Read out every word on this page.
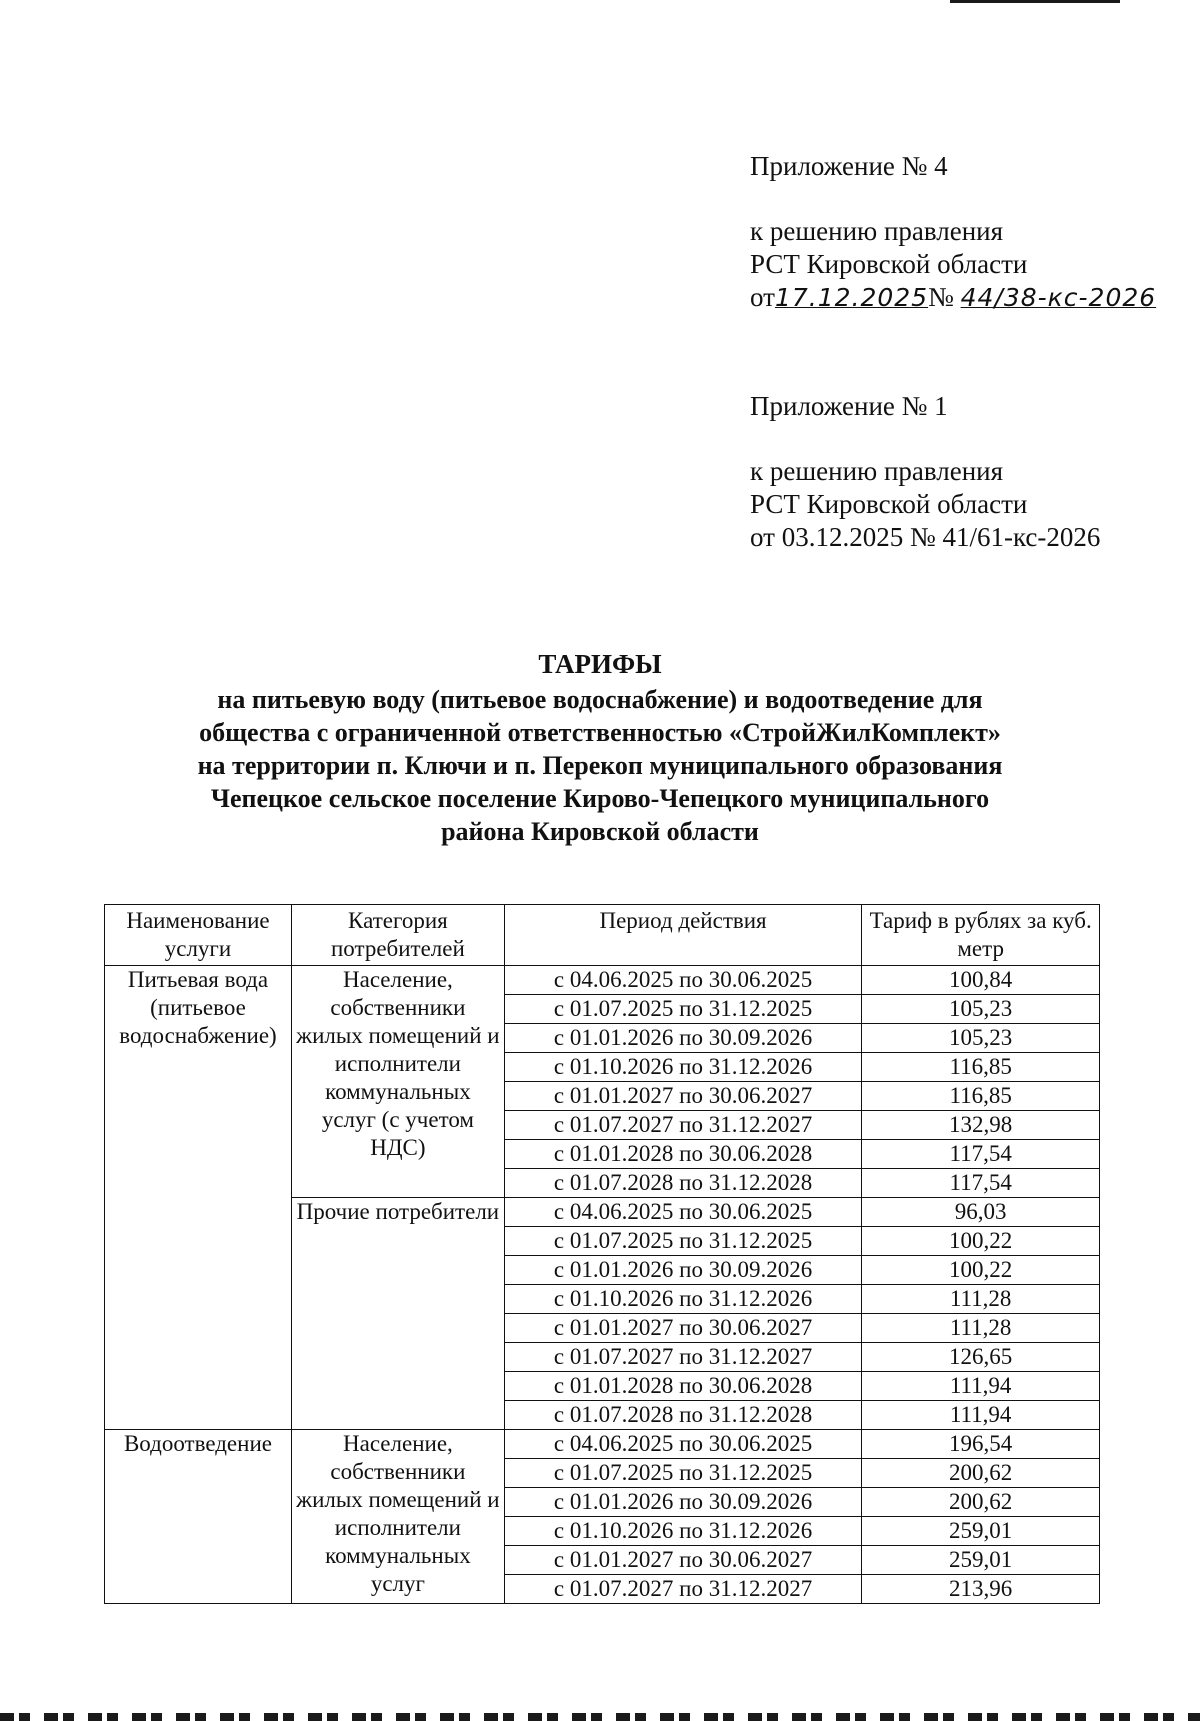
Приложение № 4
к решению правления
РСТ Кировской области
от17.12.2025№ 44/38-кс-2026
Приложение № 1
к решению правления
РСТ Кировской области
от 03.12.2025 № 41/61-кс-2026
ТАРИФЫ
на питьевую воду (питьевое водоснабжение) и водоотведение для
общества с ограниченной ответственностью «СтройЖилКомплект»
на территории п. Ключи и п. Перекоп муниципального образования
Чепецкое сельское поселение Кирово-Чепецкого муниципального
района Кировской области
Наименование услуги	Категория потребителей	Период действия	Тариф в рублях за куб. метр
Питьевая вода (питьевое водоснабжение)	Население, собственники жилых помещений и исполнители коммунальных услуг (с учетом НДС)	с 04.06.2025 по 30.06.2025	100,84
		с 01.07.2025 по 31.12.2025	105,23
		с 01.01.2026 по 30.09.2026	105,23
		с 01.10.2026 по 31.12.2026	116,85
		с 01.01.2027 по 30.06.2027	116,85
		с 01.07.2027 по 31.12.2027	132,98
		с 01.01.2028 по 30.06.2028	117,54
		с 01.07.2028 по 31.12.2028	117,54
	Прочие потребители	с 04.06.2025 по 30.06.2025	96,03
		с 01.07.2025 по 31.12.2025	100,22
		с 01.01.2026 по 30.09.2026	100,22
		с 01.10.2026 по 31.12.2026	111,28
		с 01.01.2027 по 30.06.2027	111,28
		с 01.07.2027 по 31.12.2027	126,65
		с 01.01.2028 по 30.06.2028	111,94
		с 01.07.2028 по 31.12.2028	111,94
Водоотведение	Население, собственники жилых помещений и исполнители коммунальных услуг	с 04.06.2025 по 30.06.2025	196,54
		с 01.07.2025 по 31.12.2025	200,62
		с 01.01.2026 по 30.09.2026	200,62
		с 01.10.2026 по 31.12.2026	259,01
		с 01.01.2027 по 30.06.2027	259,01
		с 01.07.2027 по 31.12.2027	213,96
